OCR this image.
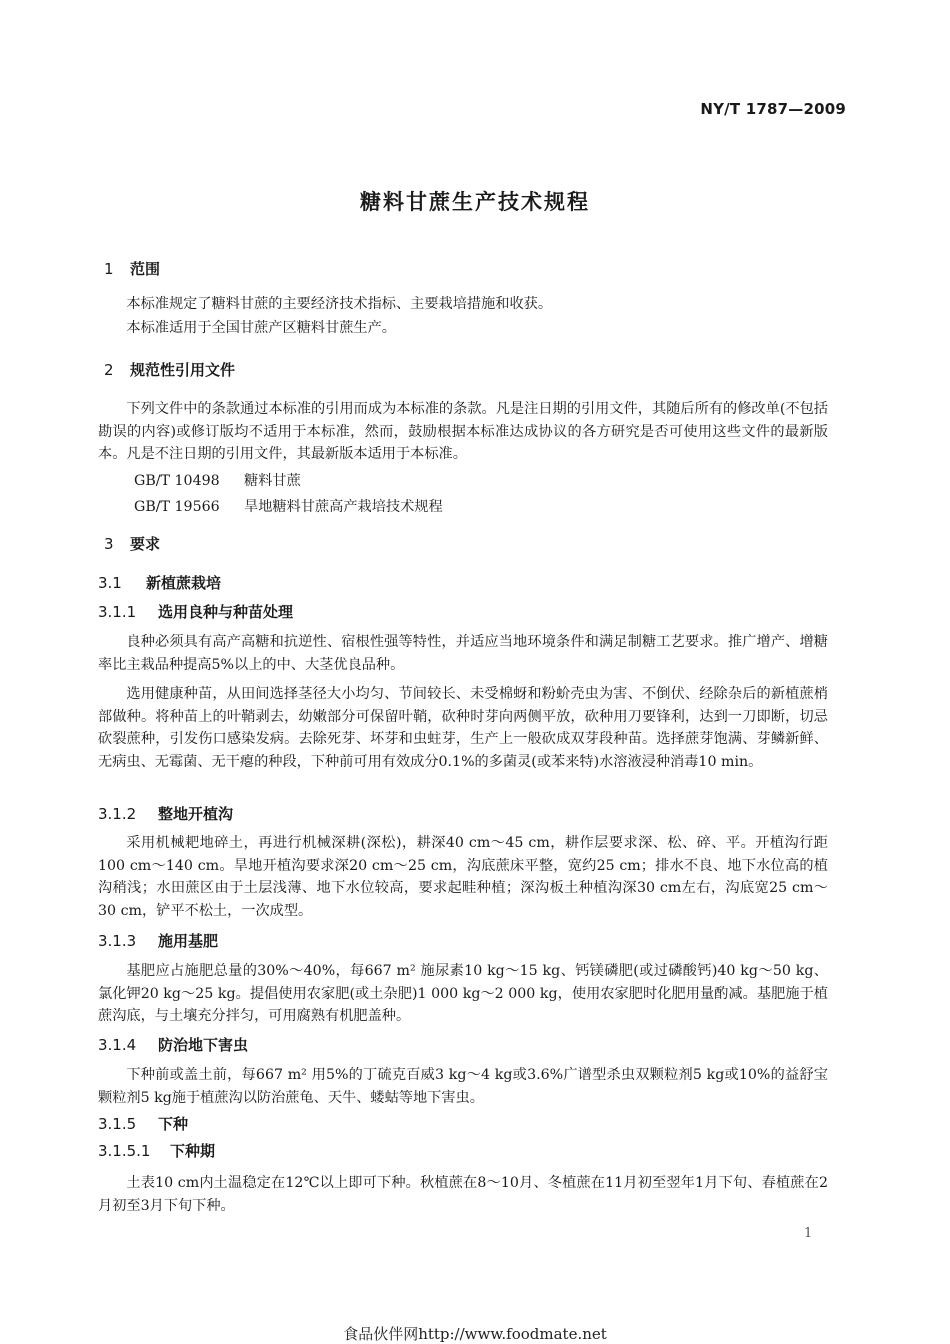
NY/T 1787—2009
糖料甘蔗生产技术规程
1 范围

本标准规定了糖料甘蔗的主要经济技术指标、主要栽培措施和收获。

本标准适用于全国甘蔗产区糖料甘蔗生产。

2 规范性引用文件

下列文件中的条款通过本标准的引用而成为本标准的条款。凡是注日期的引用文件，其随后所有的修改单(不包括勘误的内容)或修订版均不适用于本标准，然而，鼓励根据本标准达成协议的各方研究是否可使用这些文件的最新版本。凡是不注日期的引用文件，其最新版本适用于本标准。

GB/T 10498 糖料甘蔗
GB/T 19566 旱地糖料甘蔗高产栽培技术规程
3 要求
3.1 新植蔗栽培
3.1.1 选用良种与种苗处理

良种必须具有高产高糖和抗逆性、宿根性强等特性，并适应当地环境条件和满足制糖工艺要求。推广增产、增糖率比主栽品种提高5%以上的中、大茎优良品种。

选用健康种苗，从田间选择茎径大小均匀、节间较长、未受棉蚜和粉蚧壳虫为害、不倒伏、经除杂后的新植蔗梢部做种。将种苗上的叶鞘剥去，幼嫩部分可保留叶鞘，砍种时芽向两侧平放，砍种用刀要锋利，达到一刀即断，切忌砍裂蔗种，引发伤口感染发病。去除死芽、坏芽和虫蛀芽，生产上一般砍成双芽段种苗。选择蔗芽饱满、芽鳞新鲜、无病虫、无霉菌、无干瘪的种段，下种前可用有效成分0.1%的多菌灵(或苯来特)水溶液浸种消毒10 min。

3.1.2 整地开植沟

采用机械耙地碎土，再进行机械深耕(深松)，耕深40 cm～45 cm，耕作层要求深、松、碎、平。开植沟行距100 cm～140 cm。旱地开植沟要求深20 cm～25 cm，沟底蔗床平整，宽约25 cm；排水不良、地下水位高的植沟稍浅；水田蔗区由于土层浅薄、地下水位较高，要求起畦种植；深沟板土种植沟深30 cm左右，沟底宽25 cm～30 cm，铲平不松土，一次成型。

3.1.3 施用基肥

基肥应占施肥总量的30%～40%，每667 m² 施尿素10 kg～15 kg、钙镁磷肥(或过磷酸钙)40 kg～50 kg、氯化钾20 kg～25 kg。提倡使用农家肥(或土杂肥)1 000 kg～2 000 kg，使用农家肥时化肥用量酌减。基肥施于植蔗沟底，与土壤充分拌匀，可用腐熟有机肥盖种。

3.1.4 防治地下害虫

下种前或盖土前，每667 m² 用5%的丁硫克百威3 kg～4 kg或3.6%广谱型杀虫双颗粒剂5 kg或10%的益舒宝颗粒剂5 kg施于植蔗沟以防治蔗龟、天牛、蝼蛄等地下害虫。

3.1.5 下种
3.1.5.1 下种期

土表10 cm内土温稳定在12℃以上即可下种。秋植蔗在8～10月、冬植蔗在11月初至翌年1月下旬、春植蔗在2月初至3月下旬下种。

1
食品伙伴网http://www.foodmate.net
